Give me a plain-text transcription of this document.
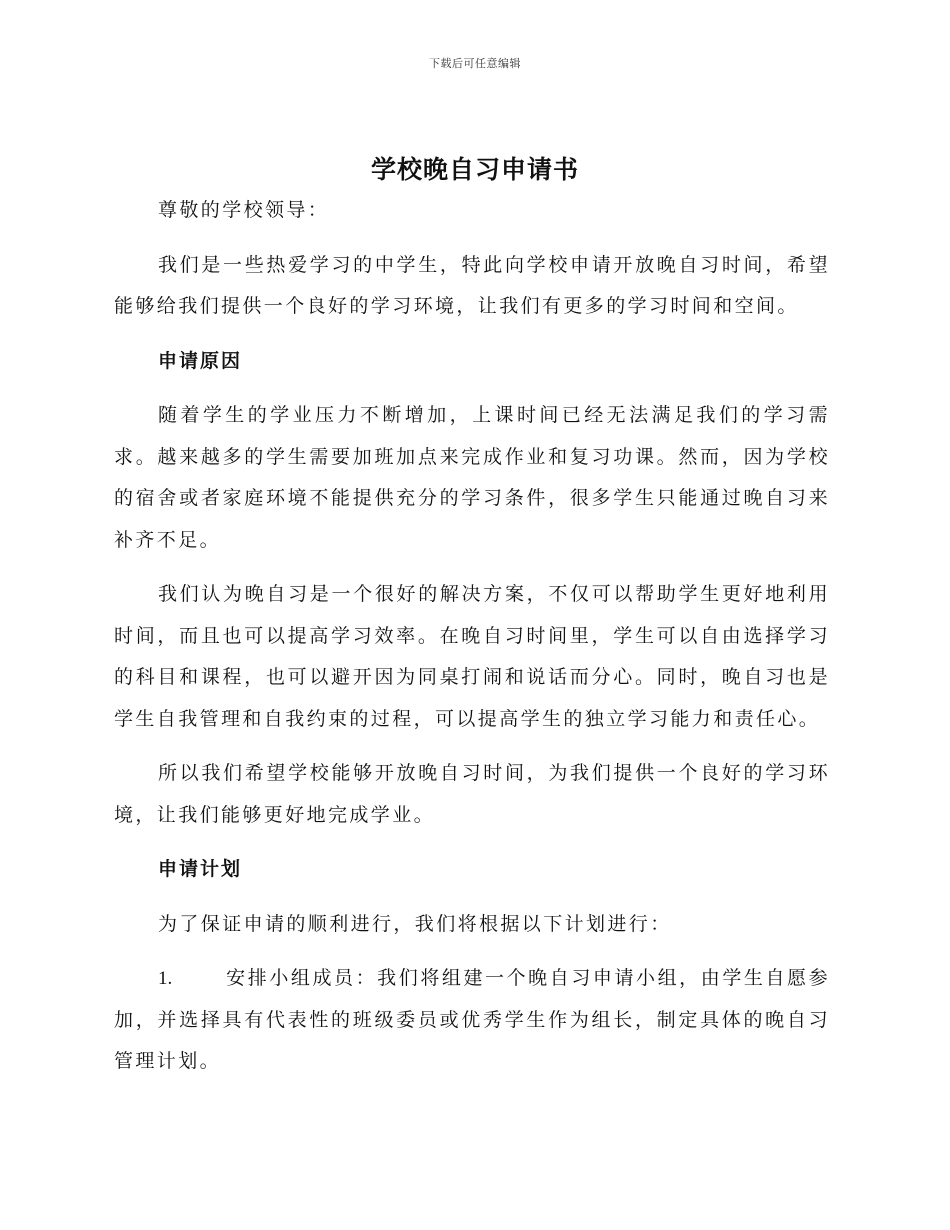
下载后可任意编辑
学校晚自习申请书

尊敬的学校领导：

我们是一些热爱学习的中学生，特此向学校申请开放晚自习时间，希望能够给我们提供一个良好的学习环境，让我们有更多的学习时间和空间。

申请原因

随着学生的学业压力不断增加，上课时间已经无法满足我们的学习需求。越来越多的学生需要加班加点来完成作业和复习功课。然而，因为学校的宿舍或者家庭环境不能提供充分的学习条件，很多学生只能通过晚自习来补齐不足。

我们认为晚自习是一个很好的解决方案，不仅可以帮助学生更好地利用时间，而且也可以提高学习效率。在晚自习时间里，学生可以自由选择学习的科目和课程，也可以避开因为同桌打闹和说话而分心。同时，晚自习也是学生自我管理和自我约束的过程，可以提高学生的独立学习能力和责任心。

所以我们希望学校能够开放晚自习时间，为我们提供一个良好的学习环境，让我们能够更好地完成学业。

申请计划

为了保证申请的顺利进行，我们将根据以下计划进行：

1.	安排小组成员：我们将组建一个晚自习申请小组，由学生自愿参加，并选择具有代表性的班级委员或优秀学生作为组长，制定具体的晚自习管理计划。
